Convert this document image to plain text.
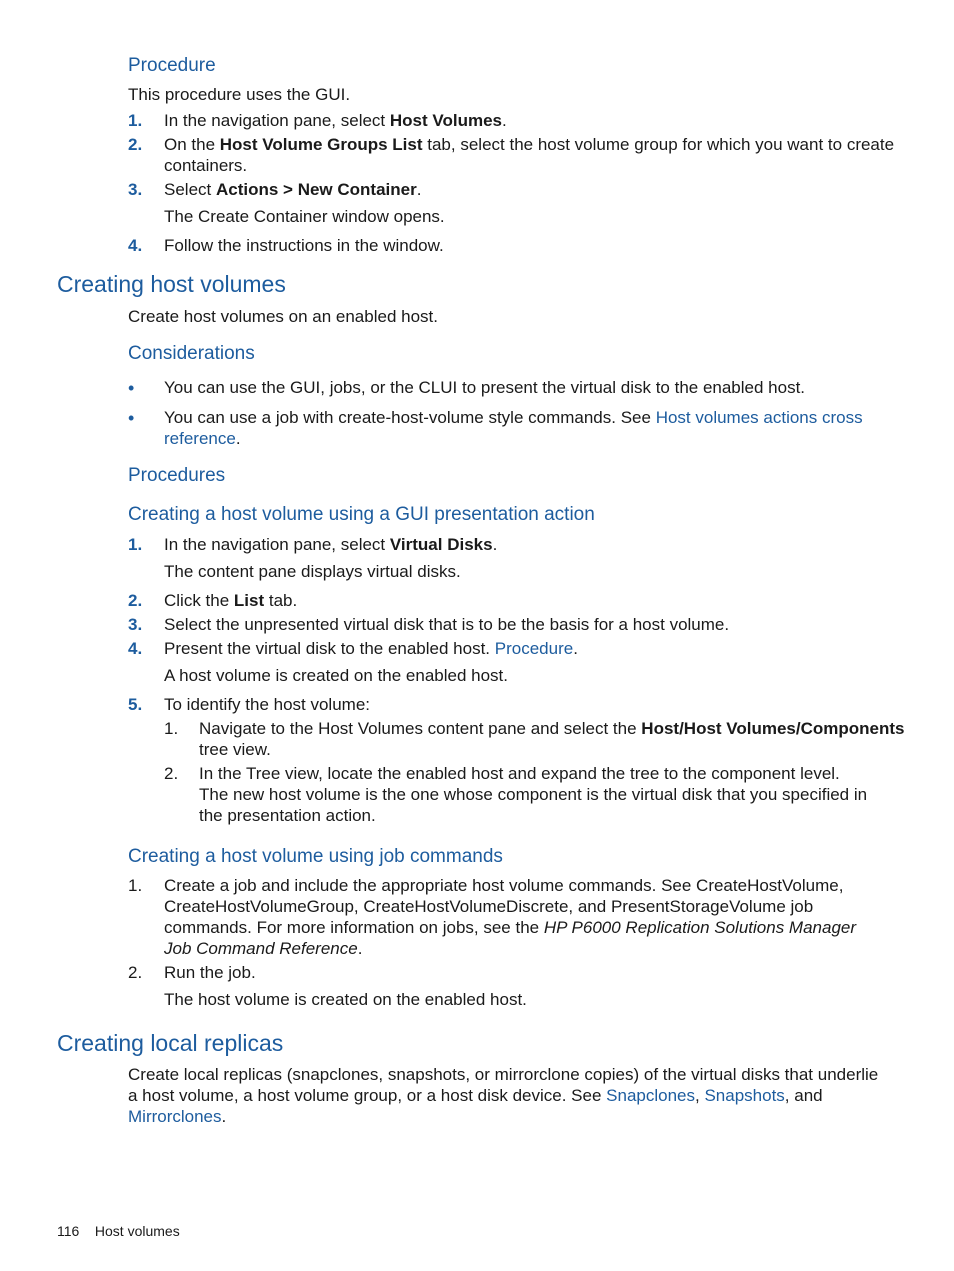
Procedure
This procedure uses the GUI.
1. In the navigation pane, select Host Volumes.
2. On the Host Volume Groups List tab, select the host volume group for which you want to create
containers.
3. Select Actions > New Container.
The Create Container window opens.
4. Follow the instructions in the window.
Creating host volumes
Create host volumes on an enabled host.
Considerations
• You can use the GUI, jobs, or the CLUI to present the virtual disk to the enabled host.
• You can use a job with create-host-volume style commands. See Host volumes actions cross
reference.
Procedures
Creating a host volume using a GUI presentation action
1. In the navigation pane, select Virtual Disks.
The content pane displays virtual disks.
2. Click the List tab.
3. Select the unpresented virtual disk that is to be the basis for a host volume.
4. Present the virtual disk to the enabled host. Procedure.
A host volume is created on the enabled host.
5. To identify the host volume:
1. Navigate to the Host Volumes content pane and select the Host/Host Volumes/Components
tree view.
2. In the Tree view, locate the enabled host and expand the tree to the component level.
The new host volume is the one whose component is the virtual disk that you specified in
the presentation action.
Creating a host volume using job commands
1. Create a job and include the appropriate host volume commands. See CreateHostVolume,
CreateHostVolumeGroup, CreateHostVolumeDiscrete, and PresentStorageVolume job
commands. For more information on jobs, see the HP P6000 Replication Solutions Manager
Job Command Reference.
2. Run the job.
The host volume is created on the enabled host.
Creating local replicas
Create local replicas (snapclones, snapshots, or mirrorclone copies) of the virtual disks that underlie
a host volume, a host volume group, or a host disk device. See Snapclones, Snapshots, and
Mirrorclones.
116 Host volumes
